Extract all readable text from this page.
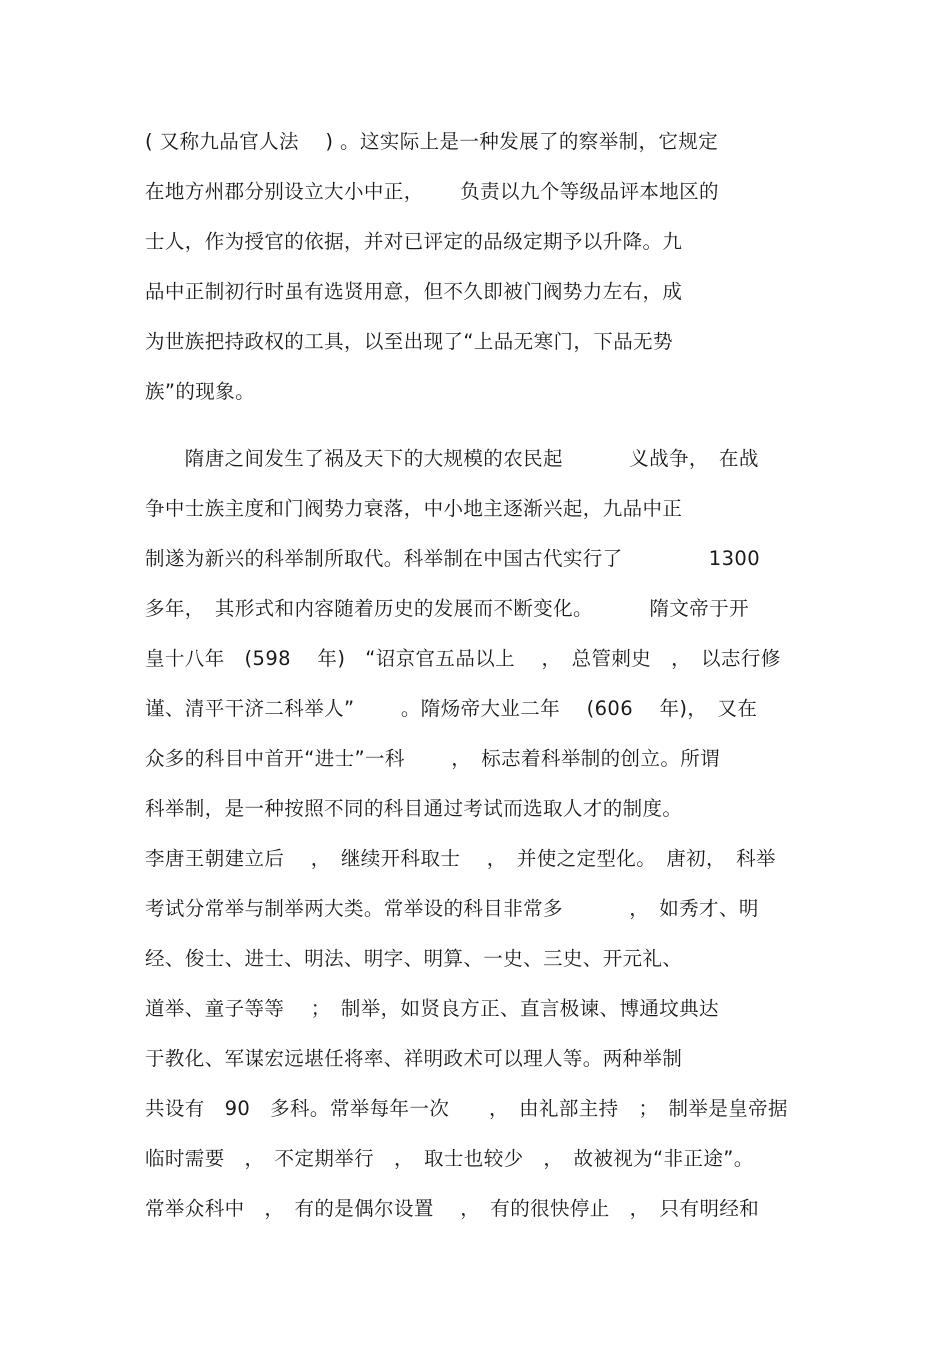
( 又称九品官人法　 ) 。这实际上是一种发展了的察举制，它规定
在地方州郡分别设立大小中正，　　 负责以九个等级品评本地区的
士人，作为授官的依据，并对已评定的品级定期予以升降。九
品中正制初行时虽有选贤用意，但不久即被门阀势力左右，成
为世族把持政权的工具，以至出现了“上品无寒门，下品无势
族”的现象。
　　隋唐之间发生了祸及天下的大规模的农民起　　　 义战争，　在战
争中士族主度和门阀势力衰落，中小地主逐渐兴起，九品中正
制遂为新兴的科举制所取代。科举制在中国古代实行了　　　　 1300
多年，　其形式和内容随着历史的发展而不断变化。　　　 隋文帝于开
皇十八年　(598　 年)　“诏京官五品以上　 ，　总管刺史　，　以志行修
谨、清平干济二科举人”　　 。隋炀帝大业二年　 (606　 年)，　又在
众多的科目中首开“进士”一科　　 ，　标志着科举制的创立。所谓
科举制，是一种按照不同的科目通过考试而选取人才的制度。
李唐王朝建立后　 ，　继续开科取士　 ，　并使之定型化。　唐初，　科举
考试分常举与制举两大类。常举设的科目非常多　　　 ，　如秀才、明
经、俊士、进士、明法、明字、明算、一史、三史、开元礼、
道举、童子等等　 ；　制举，如贤良方正、直言极谏、博通坟典达
于教化、军谋宏远堪任将率、祥明政术可以理人等。两种举制
共设有　90　多科。常举每年一次　　，　由礼部主持　；　制举是皇帝据
临时需要　，　不定期举行　，　取士也较少　，　故被视为“非正途”。
常举众科中　，　有的是偶尔设置　 ，　有的很快停止　，　只有明经和
